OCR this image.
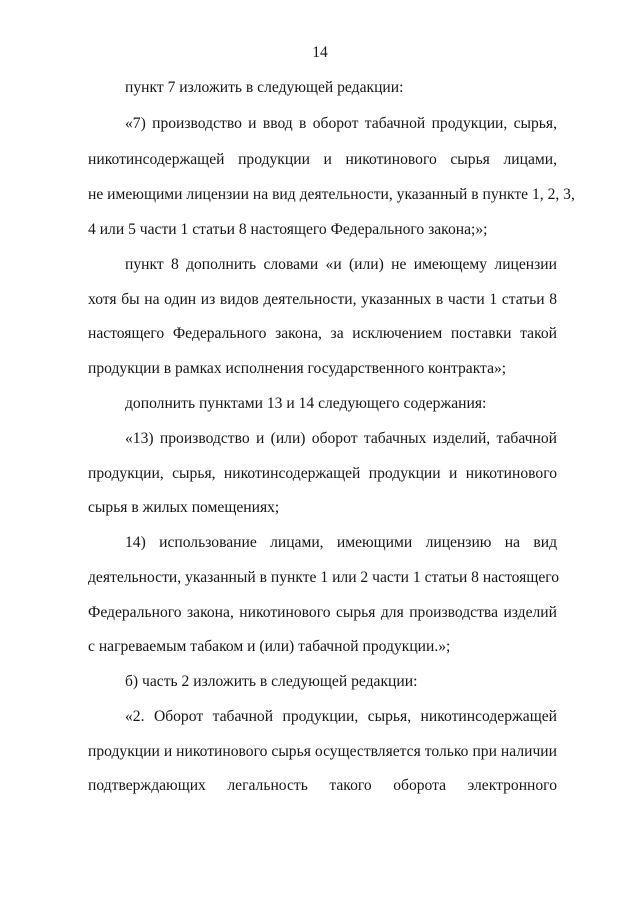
14
пункт 7 изложить в следующей редакции:
«7) производство и ввод в оборот табачной продукции, сырья,
никотинсодержащей продукции и никотинового сырья лицами,
не имеющими лицензии на вид деятельности, указанный в пункте 1, 2, 3,
4 или 5 части 1 статьи 8 настоящего Федерального закона;»;
пункт 8 дополнить словами «и (или) не имеющему лицензии
хотя бы на один из видов деятельности, указанных в части 1 статьи 8
настоящего Федерального закона, за исключением поставки такой
продукции в рамках исполнения государственного контракта»;
дополнить пунктами 13 и 14 следующего содержания:
«13) производство и (или) оборот табачных изделий, табачной
продукции, сырья, никотинсодержащей продукции и никотинового
сырья в жилых помещениях;
14) использование лицами, имеющими лицензию на вид
деятельности, указанный в пункте 1 или 2 части 1 статьи 8 настоящего
Федерального закона, никотинового сырья для производства изделий
с нагреваемым табаком и (или) табачной продукции.»;
б) часть 2 изложить в следующей редакции:
«2. Оборот табачной продукции, сырья, никотинсодержащей
продукции и никотинового сырья осуществляется только при наличии
подтверждающих легальность такого оборота электронного
